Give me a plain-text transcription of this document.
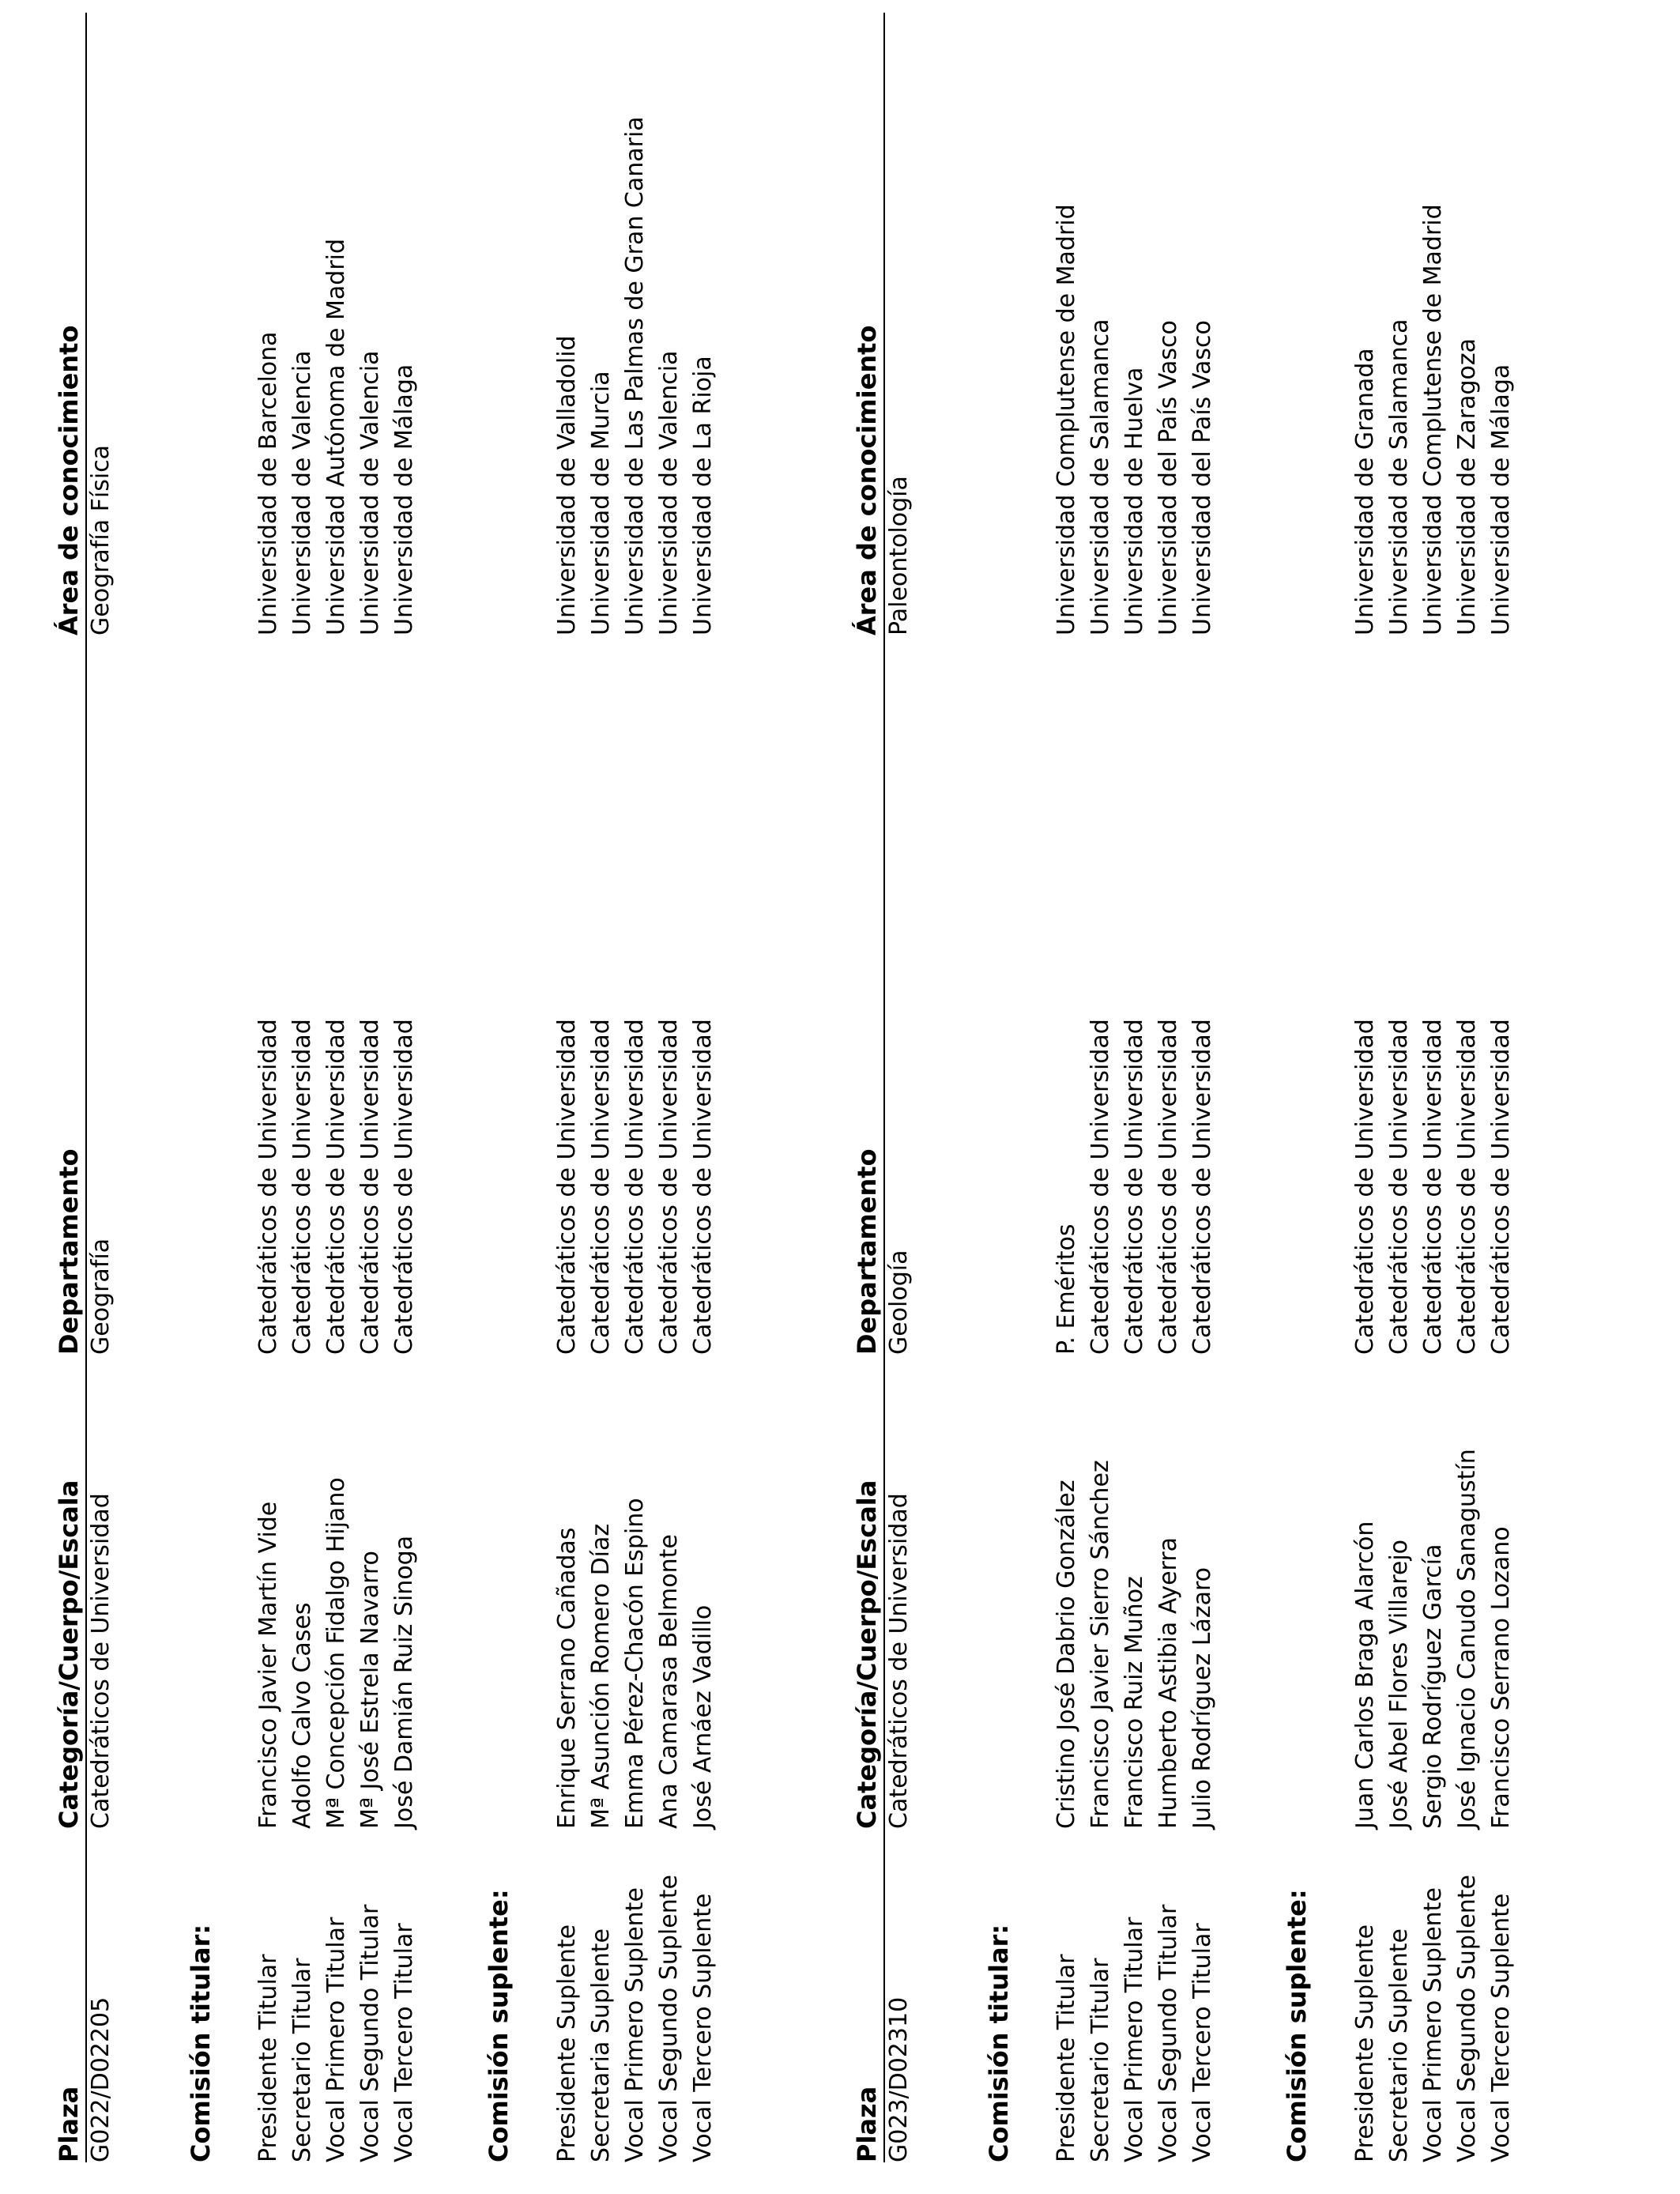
Plaza
Categoría/Cuerpo/Escala
Departamento
Área de conocimiento
G022/D02205
Catedráticos de Universidad
Geografía
Geografía Física
Comisión titular: Presidente Titular
Francisco Javier Martín Vide
Catedráticos de Universidad
Universidad de Barcelona
Secretario Titular
Adolfo Calvo Cases
Catedráticos de Universidad
Universidad de Valencia
Vocal Primero Titular
Mª Concepción Fidalgo Hijano
Catedráticos de Universidad
Universidad Autónoma de Madrid
Vocal Segundo Titular
Mª José Estrela Navarro
Catedráticos de Universidad
Universidad de Valencia
Vocal Tercero Titular
José Damián Ruiz Sinoga
Catedráticos de Universidad
Universidad de Málaga
Comisión suplente: Presidente Suplente
Enrique Serrano Cañadas
Catedráticos de Universidad
Universidad de Valladolid
Secretaria Suplente
Mª Asunción Romero Díaz
Catedráticos de Universidad
Universidad de Murcia
Vocal Primero Suplente
Emma Pérez-Chacón Espino
Catedráticos de Universidad
Universidad de Las Palmas de Gran Canaria
Vocal Segundo Suplente
Ana Camarasa Belmonte
Catedráticos de Universidad
Universidad de Valencia
Vocal Tercero Suplente
José Arnáez Vadillo
Catedráticos de Universidad
Universidad de La Rioja
Plaza
Categoría/Cuerpo/Escala
Departamento
Área de conocimiento
G023/D02310
Catedráticos de Universidad
Geología
Paleontología
Comisión titular: Presidente Titular
Cristino José Dabrio González
P. Eméritos
Universidad Complutense de Madrid
Secretario Titular
Francisco Javier Sierro Sánchez
Catedráticos de Universidad
Universidad de Salamanca
Vocal Primero Titular
Francisco Ruiz Muñoz
Catedráticos de Universidad
Universidad de Huelva
Vocal Segundo Titular
Humberto Astibia Ayerra
Catedráticos de Universidad
Universidad del País Vasco
Vocal Tercero Titular
Julio Rodríguez Lázaro
Catedráticos de Universidad
Universidad del País Vasco
Comisión suplente: Presidente Suplente
Juan Carlos Braga Alarcón
Catedráticos de Universidad
Universidad de Granada
Secretario Suplente
José Abel Flores Villarejo
Catedráticos de Universidad
Universidad de Salamanca
Vocal Primero Suplente
Sergio Rodríguez García
Catedráticos de Universidad
Universidad Complutense de Madrid
Vocal Segundo Suplente
José Ignacio Canudo Sanagustín
Catedráticos de Universidad
Universidad de Zaragoza
Vocal Tercero Suplente
Francisco Serrano Lozano
Catedráticos de Universidad
Universidad de Málaga
